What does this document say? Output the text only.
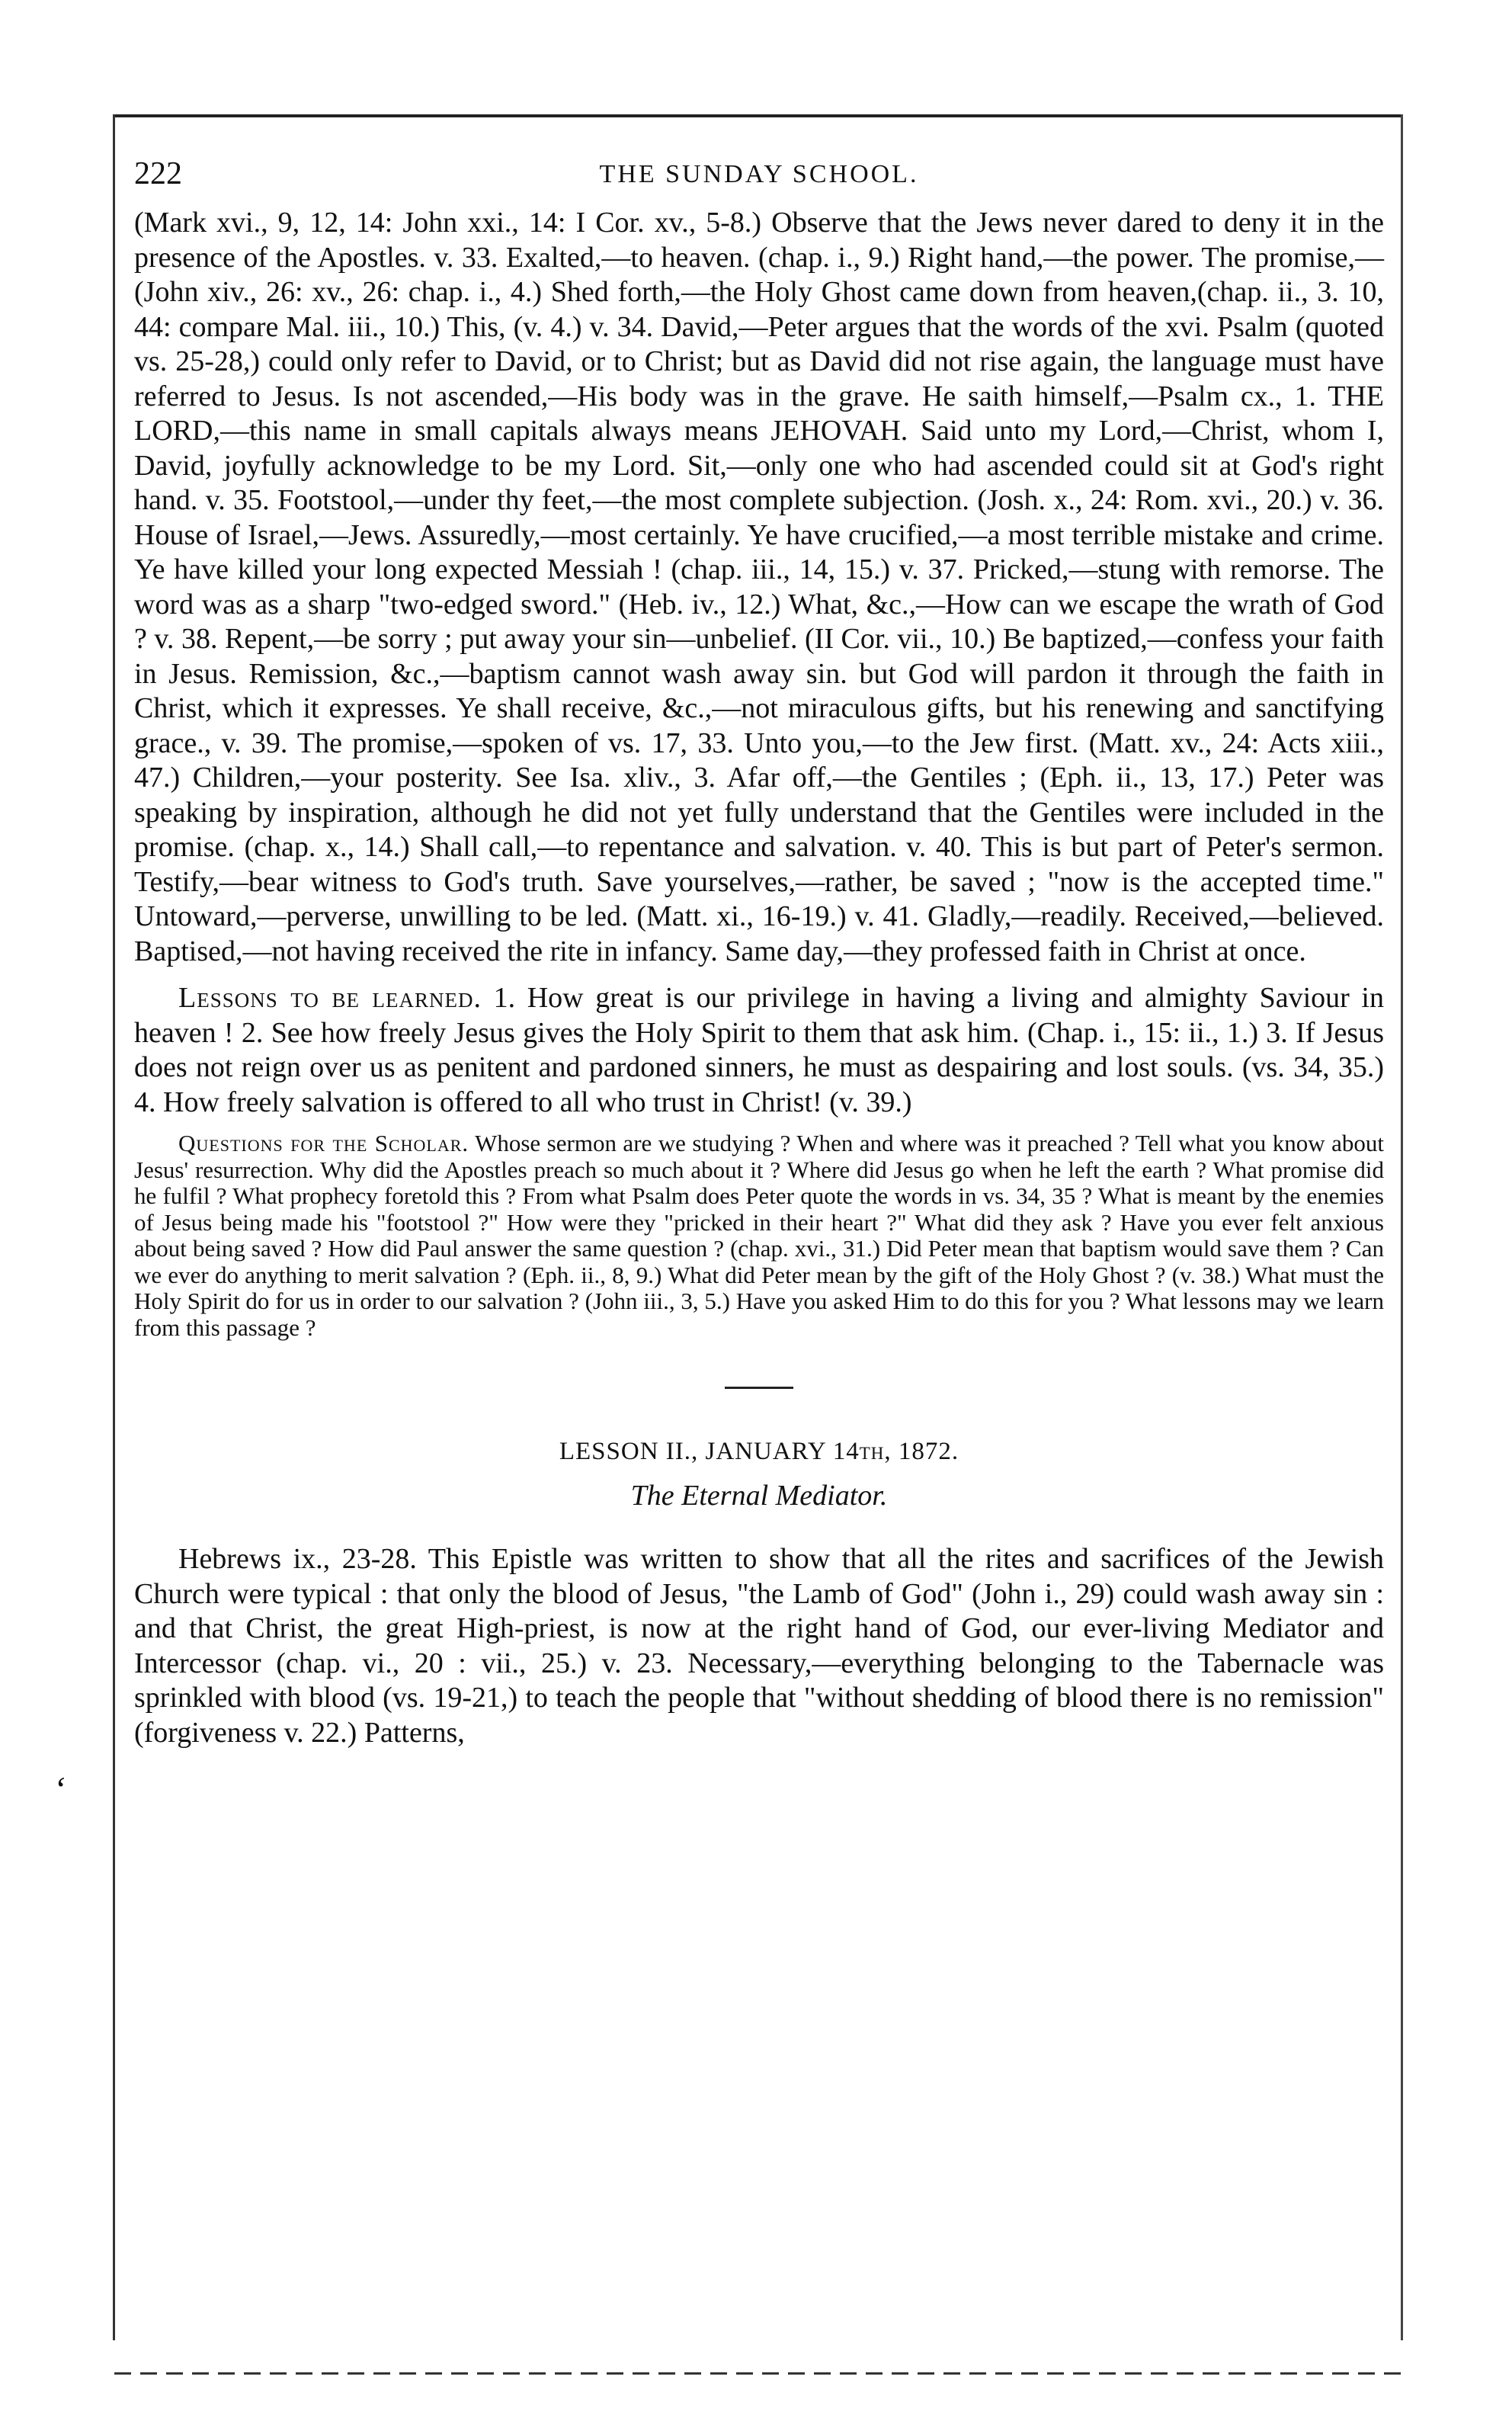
ʻ
222	THE SUNDAY SCHOOL.

(Mark xvi., 9, 12, 14: John xxi., 14: I Cor. xv., 5-8.) Observe that the Jews never dared to deny it in the presence of the Apostles. v. 33. Exalted,—to heaven. (chap. i., 9.) Right hand,—the power. The promise,—(John xiv., 26: xv., 26: chap. i., 4.) Shed forth,—the Holy Ghost came down from heaven,(chap. ii., 3. 10, 44: compare Mal. iii., 10.) This, (v. 4.) v. 34. David,—Peter argues that the words of the xvi. Psalm (quoted vs. 25-28,) could only refer to David, or to Christ; but as David did not rise again, the language must have referred to Jesus. Is not ascended,—His body was in the grave. He saith himself,—Psalm cx., 1. THE LORD,—this name in small capitals always means JEHOVAH. Said unto my Lord,—Christ, whom I, David, joyfully acknowledge to be my Lord. Sit,—only one who had ascended could sit at God's right hand. v. 35. Footstool,—under thy feet,—the most complete subjection. (Josh. x., 24: Rom. xvi., 20.) v. 36. House of Israel,—Jews. Assuredly,—most certainly. Ye have crucified,—a most terrible mistake and crime. Ye have killed your long expected Messiah ! (chap. iii., 14, 15.) v. 37. Pricked,—stung with remorse. The word was as a sharp "two-edged sword." (Heb. iv., 12.) What, &c.,—How can we escape the wrath of God ? v. 38. Repent,—be sorry ; put away your sin—unbelief. (II Cor. vii., 10.) Be baptized,—confess your faith in Jesus. Remission, &c.,—baptism cannot wash away sin. but God will pardon it through the faith in Christ, which it expresses. Ye shall receive, &c.,—not miraculous gifts, but his renewing and sanctifying grace., v. 39. The promise,—spoken of vs. 17, 33. Unto you,—to the Jew first. (Matt. xv., 24: Acts xiii., 47.) Children,—your posterity. See Isa. xliv., 3. Afar off,—the Gentiles ; (Eph. ii., 13, 17.) Peter was speaking by inspiration, although he did not yet fully understand that the Gentiles were included in the promise. (chap. x., 14.) Shall call,—to repentance and salvation. v. 40. This is but part of Peter's sermon. Testify,—bear witness to God's truth. Save yourselves,—rather, be saved ; "now is the accepted time." Untoward,—perverse, unwilling to be led. (Matt. xi., 16-19.) v. 41. Gladly,—readily. Received,—believed. Baptised,—not having received the rite in infancy. Same day,—they professed faith in Christ at once.

Lessons to be learned. 1. How great is our privilege in having a living and almighty Saviour in heaven ! 2. See how freely Jesus gives the Holy Spirit to them that ask him. (Chap. i., 15: ii., 1.) 3. If Jesus does not reign over us as penitent and pardoned sinners, he must as despairing and lost souls. (vs. 34, 35.) 4. How freely salvation is offered to all who trust in Christ! (v. 39.)

Questions for the Scholar. Whose sermon are we studying ? When and where was it preached ? Tell what you know about Jesus' resurrection. Why did the Apostles preach so much about it ? Where did Jesus go when he left the earth ? What promise did he fulfil ? What prophecy foretold this ? From what Psalm does Peter quote the words in vs. 34, 35 ? What is meant by the enemies of Jesus being made his "footstool ?" How were they "pricked in their heart ?" What did they ask ? Have you ever felt anxious about being saved ? How did Paul answer the same question ? (chap. xvi., 31.) Did Peter mean that baptism would save them ? Can we ever do anything to merit salvation ? (Eph. ii., 8, 9.) What did Peter mean by the gift of the Holy Ghost ? (v. 38.) What must the Holy Spirit do for us in order to our salvation ? (John iii., 3, 5.) Have you asked Him to do this for you ? What lessons may we learn from this passage ?

LESSON II., JANUARY 14th, 1872.

The Eternal Mediator.

Hebrews ix., 23-28. This Epistle was written to show that all the rites and sacrifices of the Jewish Church were typical : that only the blood of Jesus, "the Lamb of God" (John i., 29) could wash away sin : and that Christ, the great High-priest, is now at the right hand of God, our ever-living Mediator and Intercessor (chap. vi., 20 : vii., 25.) v. 23. Necessary,—everything belonging to the Tabernacle was sprinkled with blood (vs. 19-21,) to teach the people that "without shedding of blood there is no remission" (forgiveness v. 22.) Patterns,
